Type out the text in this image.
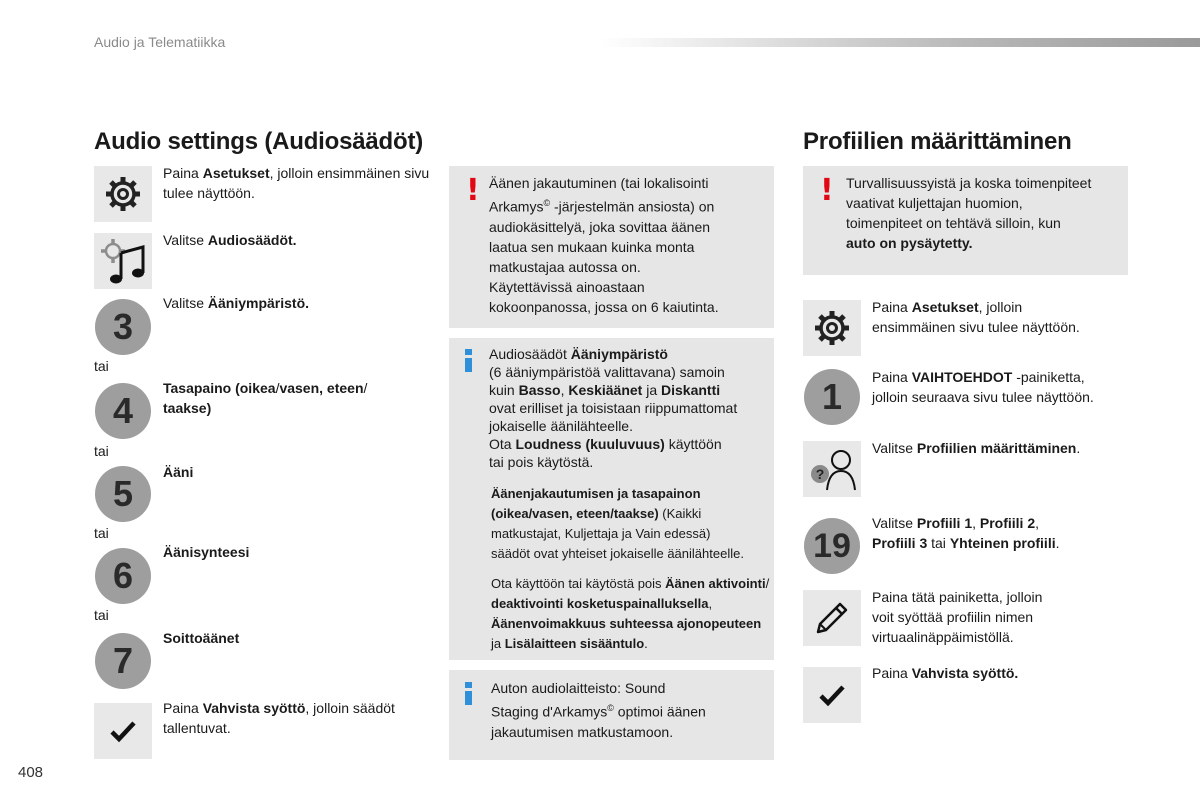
Audio ja Telematiikka
408
Audio settings (Audiosäädöt)
Paina Asetukset, jolloin ensimmäinen sivu tulee näyttöön.
Valitse Audiosäädöt.
3
Valitse Ääniympäristö.
tai
4
Tasapaino (oikea/vasen, eteen/
taakse)
tai
5
Ääni
tai
6
Äänisynteesi
tai
7
Soittoäänet
Paina Vahvista syöttö, jolloin säädöt tallentuvat.
! Äänen jakautuminen (tai lokalisointi
Arkamys© -järjestelmän ansiosta) on
audiokäsittelyä, joka sovittaa äänen
laatua sen mukaan kuinka monta
matkustajaa autossa on.
Käytettävissä ainoastaan
kokoonpanossa, jossa on 6 kaiutinta.
Audiosäädöt Ääniympäristö
(6 ääniympäristöä valittavana) samoin
kuin Basso, Keskiäänet ja Diskantti
ovat erilliset ja toisistaan riippumattomat
jokaiselle äänilähteelle.
Ota Loudness (kuuluvuus) käyttöön
tai pois käytöstä.
Äänenjakautumisen ja tasapainon
(oikea/vasen, eteen/taakse) (Kaikki
matkustajat, Kuljettaja ja Vain edessä)
säädöt ovat yhteiset jokaiselle äänilähteelle.
Ota käyttöön tai käytöstä pois Äänen aktivointi/
deaktivointi kosketuspainalluksella,
Äänenvoimakkuus suhteessa ajonopeuteen
ja Lisälaitteen sisääntulo.
Auton audiolaitteisto: Sound
Staging d'Arkamys© optimoi äänen
jakautumisen matkustamoon.
Profiilien määrittäminen
! Turvallisuussyistä ja koska toimenpiteet
vaativat kuljettajan huomion,
toimenpiteet on tehtävä silloin, kun
auto on pysäytetty.
Paina Asetukset, jolloin
ensimmäinen sivu tulee näyttöön.
1	Paina VAIHTOEHDOT -painiketta,
jolloin seuraava sivu tulee näyttöön.
?
Valitse Profiilien määrittäminen.
19
Valitse Profiili 1, Profiili 2,
Profiili 3 tai Yhteinen profiili.
Paina tätä painiketta, jolloin
voit syöttää profiilin nimen
virtuaalinäppäimistöllä.
Paina Vahvista syöttö.
